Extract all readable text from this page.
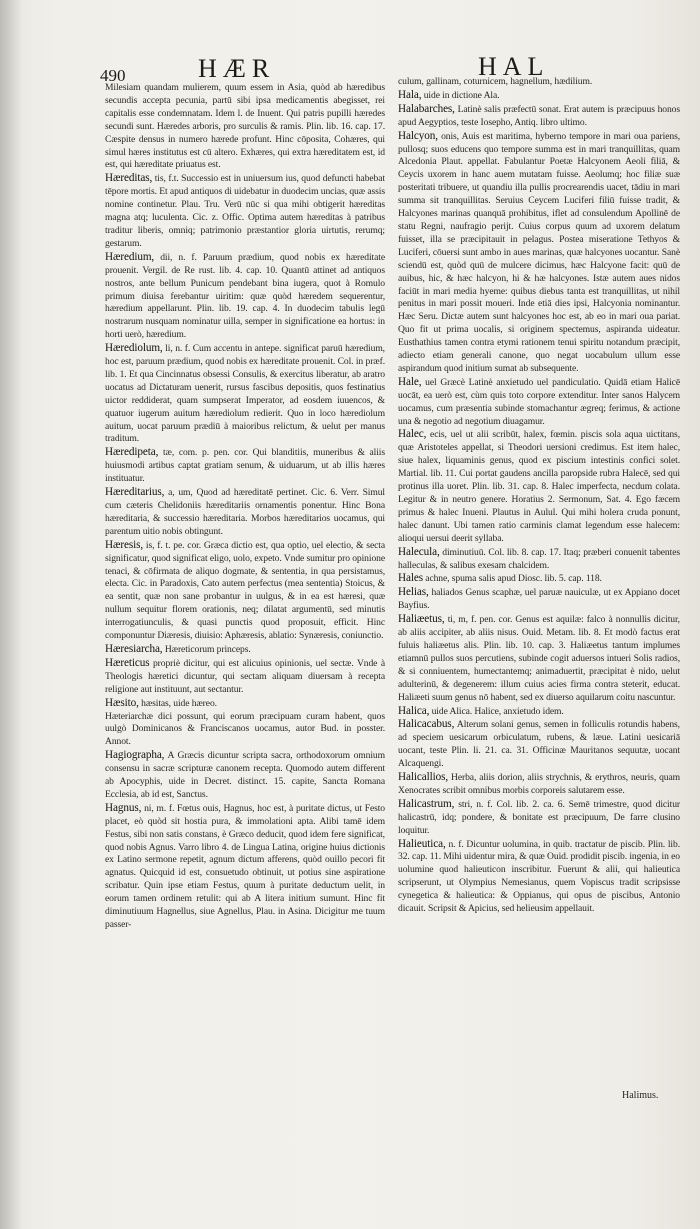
490	HÆR	HAL

Milesiam quandam mulierem, quum essem in Asia, quòd ab hæredibus secundis accepta pecunia, partū sibi ipsa medicamentis abegisset, rei capitalis esse condemnatam. Idem l. de Inuent. Qui patris pupilli hæredes secundi sunt. Hæredes arboris, pro surculis & ramis. Plin. lib. 16. cap. 17. Cæspite densus in numero hærede profunt. Hinc cōposita, Cohæres, qui simul hæres institutus est cū altero. Exhæres, qui extra hæreditatem est, id est, qui hæreditate priuatus est.

Hæreditas, tis, f.t. Successio est in uniuersum ius, quod defuncti habebat tēpore mortis. Et apud antiquos di uidebatur in duodecim uncias, quæ assis nomine continetur. Plau. Tru. Verū nūc si qua mihi obtigerit hæreditas magna atq; luculenta. Cic. z. Offic. Optima autem hæreditas à patribus traditur liberis, omniq; patrimonio præstantior gloria uirtutis, rerumq; gestarum.

Hæredium, dii, n. f. Paruum prædium, quod nobis ex hæreditate prouenit. Vergil. de Re rust. lib. 4. cap. 10. Quantū attinet ad antiquos nostros, ante bellum Punicum pendebant bina iugera, quot à Romulo primum diuisa ferebantur uiritim: quæ quòd hæredem sequerentur, hæredium appellarunt. Plin. lib. 19. cap. 4. In duodecim tabulis legū nostrarum nusquam nominatur uilla, semper in significatione ea hortus: in horti uerò, hæredium.

Hærediolum, li, n. f. Cum accentu in antepe. significat paruū hæredium, hoc est, paruum prædium, quod nobis ex hæreditate prouenit. Col. in præf. lib. 1. Et qua Cincinnatus obsessi Consulis, & exercitus liberatur, ab aratro uocatus ad Dictaturam uenerit, rursus fascibus depositis, quos festinatius uictor reddiderat, quam sumpserat Imperator, ad eosdem iuuencos, & quatuor iugerum auitum hærediolum redierit. Quo in loco hærediolum auitum, uocat paruum prædiū à maioribus relictum, & uelut per manus traditum.

Hæredipeta, tæ, com. p. pen. cor. Qui blanditiis, muneribus & aliis huiusmodi artibus captat gratiam senum, & uiduarum, ut ab illis hæres instituatur.

Hæreditarius, a, um, Quod ad hæreditatē pertinet. Cic. 6. Verr. Simul cum cæteris Chelidoniis hæreditariis ornamentis ponentur. Hinc Bona hæreditaria, & successio hæreditaria. Morbos hæreditarios uocamus, qui parentum uitio nobis obtingunt.

Hæresis, is, f. t. pe. cor. Græca dictio est, qua optio, uel electio, & secta significatur, quod significat eligo, uolo, expeto. Vnde sumitur pro opinione tenaci, & cōfirmata de aliquo dogmate, & sententia, in qua persistamus, electa. Cic. in Paradoxis, Cato autem perfectus (mea sententia) Stoicus, & ea sentit, quæ non sane probantur in uulgus, & in ea est hæresi, quæ nullum sequitur florem orationis, neq; dilatat argumentū, sed minutis interrogatiunculis, & quasi punctis quod proposuit, efficit. Hinc componuntur Diæresis, diuisio: Aphæresis, ablatio: Synæresis, coniunctio.

Hæresiarcha, Hæreticorum princeps.

Hæreticus propriè dicitur, qui est alicuius opinionis, uel sectæ. Vnde à Theologis hæretici dicuntur, qui sectam aliquam diuersam à recepta religione aut instituunt, aut sectantur.

Hæsito, hæsitas, uide hæreo.

Hæteriarchæ dici possunt, qui eorum præcipuam curam habent, quos uulgò Dominicanos & Franciscanos uocamus, autor Bud. in posster. Annot.

Hagiographa, A Græcis dicuntur scripta sacra, orthodoxorum omnium consensu in sacræ scripturæ canonem recepta. Quomodo autem different ab Apocyphis, uide in Decret. distinct. 15. capite, Sancta Romana Ecclesia, ab id est, Sanctus.

Hagnus, ni, m. f. Fœtus ouis, Hagnus, hoc est, à puritate dictus, ut Festo placet, eò quòd sit hostia pura, & immolationi apta. Alibi tamē idem Festus, sibi non satis constans, è Græco deducit, quod idem fere significat, quod nobis Agnus. Varro libro 4. de Lingua Latina, origine huius dictionis ex Latino sermone repetit, agnum dictum afferens, quòd ouillo pecori fit agnatus. Quicquid id est, consuetudo obtinuit, ut potius sine aspiratione scribatur. Quin ipse etiam Festus, quum à puritate deductum uelit, in eorum tamen ordinem retulit: qui ab A litera initium sumunt. Hinc fit diminutiuum Hagnellus, siue Agnellus, Plau. in Asina. Dicigitur me tuum passer-

culum, gallinam, coturnicem, hagnellum, hædilium.

Hala, uide in dictione Ala.

Halabarches, Latinè salis præfectū sonat. Erat autem is præcipuus honos apud Aegyptios, teste Iosepho, Antiq. libro ultimo.

Halcyon, onis, Auis est maritima, hyberno tempore in mari oua pariens, pullosq; suos educens quo tempore summa est in mari tranquillitas, quam Alcedonia Plaut. appellat. Fabulantur Poetæ Halcyonem Aeoli filiā, & Ceycis uxorem in hanc auem mutatam fuisse. Aeolumq; hoc filiæ suæ posteritati tribuere, ut quandiu illa pullis procrearendis uacet, tādiu in mari summa sit tranquillitas. Seruius Ceycem Luciferi filiū fuisse tradit, & Halcyones marinas quanquā prohibitus, iflet ad consulendum Apollinē de statu Regni, naufragio perijt. Cuius corpus quum ad uxorem delatum fuisset, illa se præcipitauit in pelagus. Postea miseratione Tethyos & Luciferi, cōuersi sunt ambo in aues marinas, quæ halcyones uocantur. Sanè sciendū est, quòd quū de mulcere dicimus, hæc Halcyone facit: quū de auibus, hic, & hæc halcyon, hi & hæ halcyones. Istæ autem aues nidos faciūt in mari media hyeme: quibus diebus tanta est tranquillitas, ut nihil penitus in mari possit moueri. Inde etiā dies ipsi, Halcyonia nominantur. Hæc Seru. Dictæ autem sunt halcyones hoc est, ab eo in mari oua pariat. Quo fit ut prima uocalis, si originem spectemus, aspiranda uideatur. Eusthathius tamen contra etymi rationem tenui spiritu notandum præcipit, adiecto etiam generali canone, quo negat uocabulum ullum esse aspirandum quod initium sumat ab subsequente.

Hale, uel Græcè Latinè anxietudo uel pandiculatio. Quidā etiam Halicē uocāt, ea uerò est, cùm quis toto corpore extenditur. Inter sanos Halycem uocamus, cum præsentia subinde stomachantur ægreq; ferimus, & actione una & negotio ad negotium diuagamur.

Halec, ecis, uel ut alii scribūt, halex, fœmin. piscis sola aqua uictitans, quæ Aristoteles appellat, si Theodori uersioni credimus. Est item halec, siue halex, liquaminis genus, quod ex piscium intestinis confici solet. Martial. lib. 11. Cui portat gaudens ancilla paropside rubra Halecē, sed qui protinus illa uoret. Plin. lib. 31. cap. 8. Halec imperfecta, necdum colata. Legitur & in neutro genere. Horatius 2. Sermonum, Sat. 4. Ego fæcem primus & halec Inueni. Plautus in Aulul. Qui mihi holera cruda ponunt, halec danunt. Ubi tamen ratio carminis clamat legendum esse halecem: alioqui uersui deerit syllaba.

Halecula, diminutiuū. Col. lib. 8. cap. 17. Itaq; præberi conuenit tabentes halleculas, & salibus exesam chalcidem.

Hales achne, spuma salis apud Diosc. lib. 5. cap. 118.

Helias, haliados Genus scaphæ, uel paruæ nauiculæ, ut ex Appiano docet Bayfius.

Haliæetus, ti, m, f. pen. cor. Genus est aquilæ: falco à nonnullis dicitur, ab aliis accipiter, ab aliis nisus. Ouid. Metam. lib. 8. Et modò factus erat fuluis haliæetus alis. Plin. lib. 10. cap. 3. Haliæetus tantum implumes etiamnū pullos suos percutiens, subinde cogit aduersos intueri Solis radios, & si conniuentem, humectantemq; animaduertit, præcipitat è nido, uelut adulterinū, & degenerem: illum cuius acies firma contra steterit, educat. Haliæeti suum genus nō habent, sed ex diuerso aquilarum coitu nascuntur.

Halica, uide Alica. Halice, anxietudo idem.

Halicacabus, Alterum solani genus, semen in folliculis rotundis habens, ad speciem uesicarum orbiculatum, rubens, & læue. Latini uesicariā uocant, teste Plin. li. 21. ca. 31. Officinæ Mauritanos sequutæ, uocant Alcaquengi.

Halicallios, Herba, aliis dorion, aliis strychnis, & erythros, neuris, quam Xenocrates scribit omnibus morbis corporeis salutarem esse.

Halicastrum, stri, n. f. Col. lib. 2. ca. 6. Semē trimestre, quod dicitur halicastrū, idq; pondere, & bonitate est præcipuum, De farre clusino loquitur.

Halieutica, n. f. Dicuntur uolumina, in quib. tractatur de piscib. Plin. lib. 32. cap. 11. Mihi uidentur mira, & quæ Ouid. prodidit piscib. ingenia, in eo uolumine quod halieuticon inscribitur. Fuerunt & alii, qui halieutica scripserunt, ut Olympius Nemesianus, quem Vopiscus tradit scripsisse cynegetica & halieutica: & Oppianus, qui opus de piscibus, Antonio dicauit. Scripsit & Apicius, sed helieusim appellauit.

Halimus.
